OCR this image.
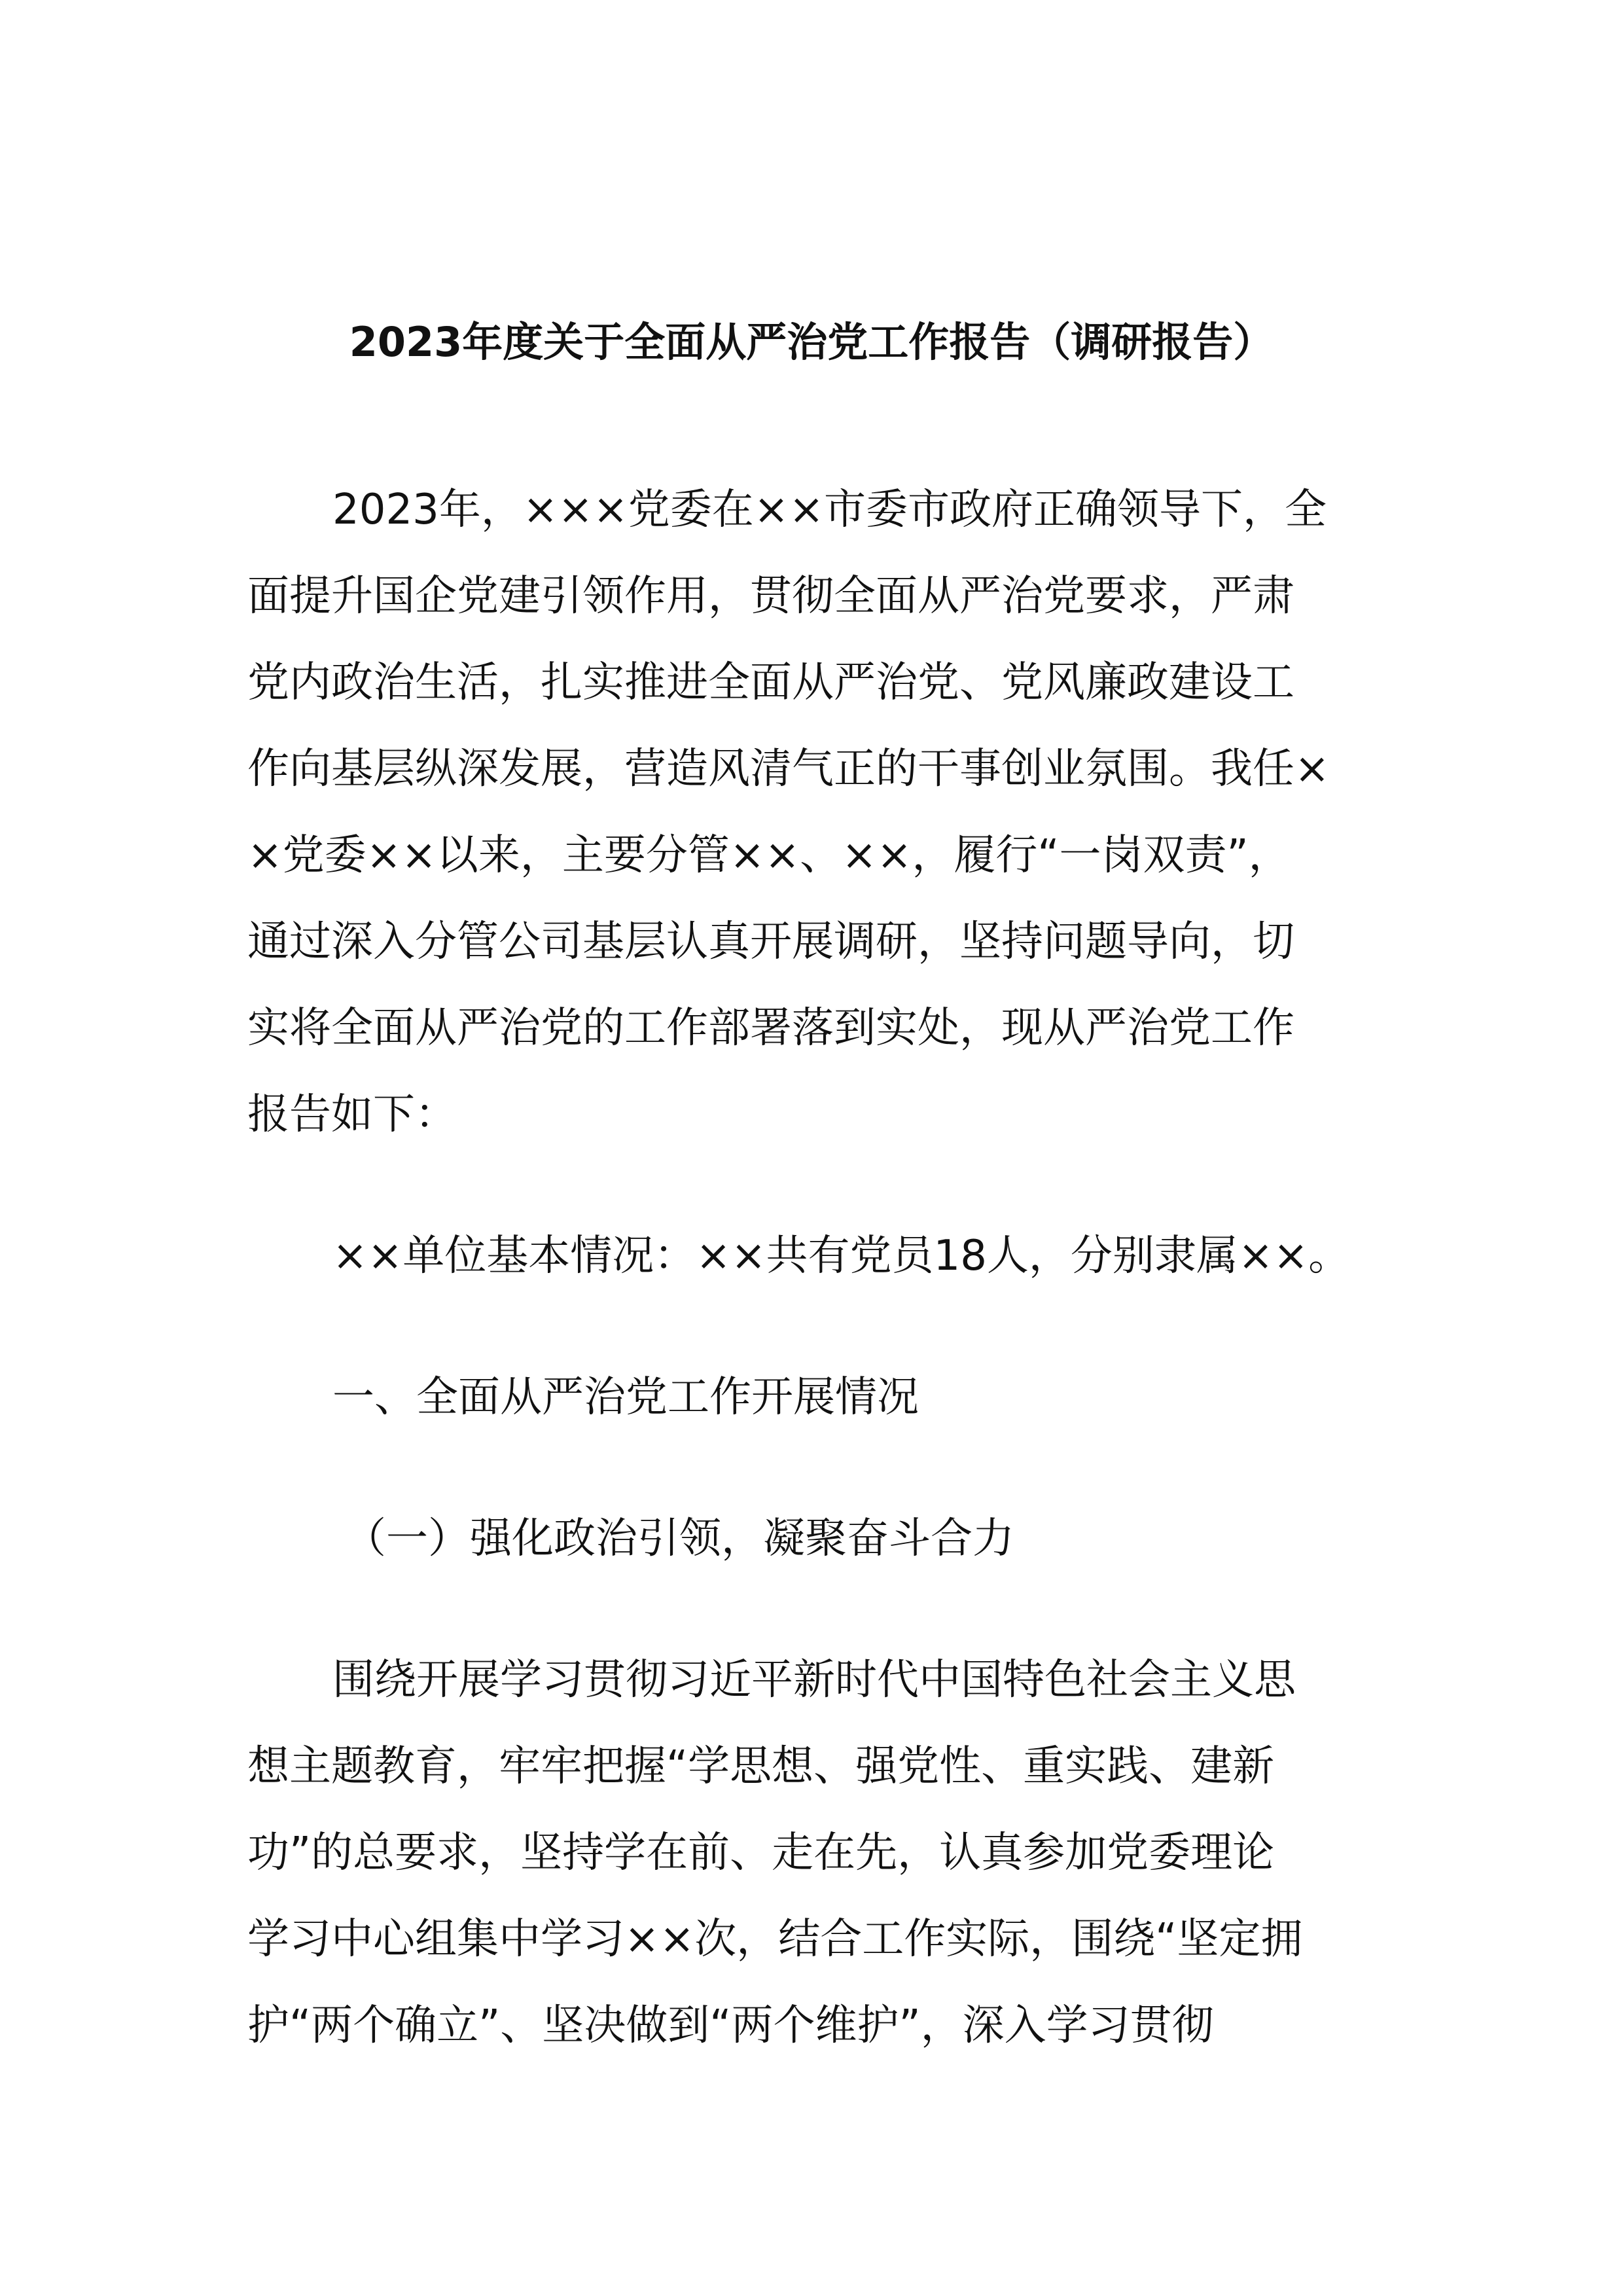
2023年度关于全面从严治党工作报告（调研报告）
2023年，×××党委在××市委市政府正确领导下，全
面提升国企党建引领作用，贯彻全面从严治党要求，严肃
党内政治生活，扎实推进全面从严治党、党风廉政建设工
作向基层纵深发展，营造风清气正的干事创业氛围。我任×
×党委××以来，主要分管××、××，履行“一岗双责”，
通过深入分管公司基层认真开展调研，坚持问题导向，切
实将全面从严治党的工作部署落到实处，现从严治党工作
报告如下：
××单位基本情况：××共有党员18人，分别隶属××。
一、全面从严治党工作开展情况
（一）强化政治引领，凝聚奋斗合力
围绕开展学习贯彻习近平新时代中国特色社会主义思
想主题教育，牢牢把握“学思想、强党性、重实践、建新
功”的总要求，坚持学在前、走在先，认真参加党委理论
学习中心组集中学习××次，结合工作实际，围绕“坚定拥
护“两个确立”、坚决做到“两个维护”，深入学习贯彻
